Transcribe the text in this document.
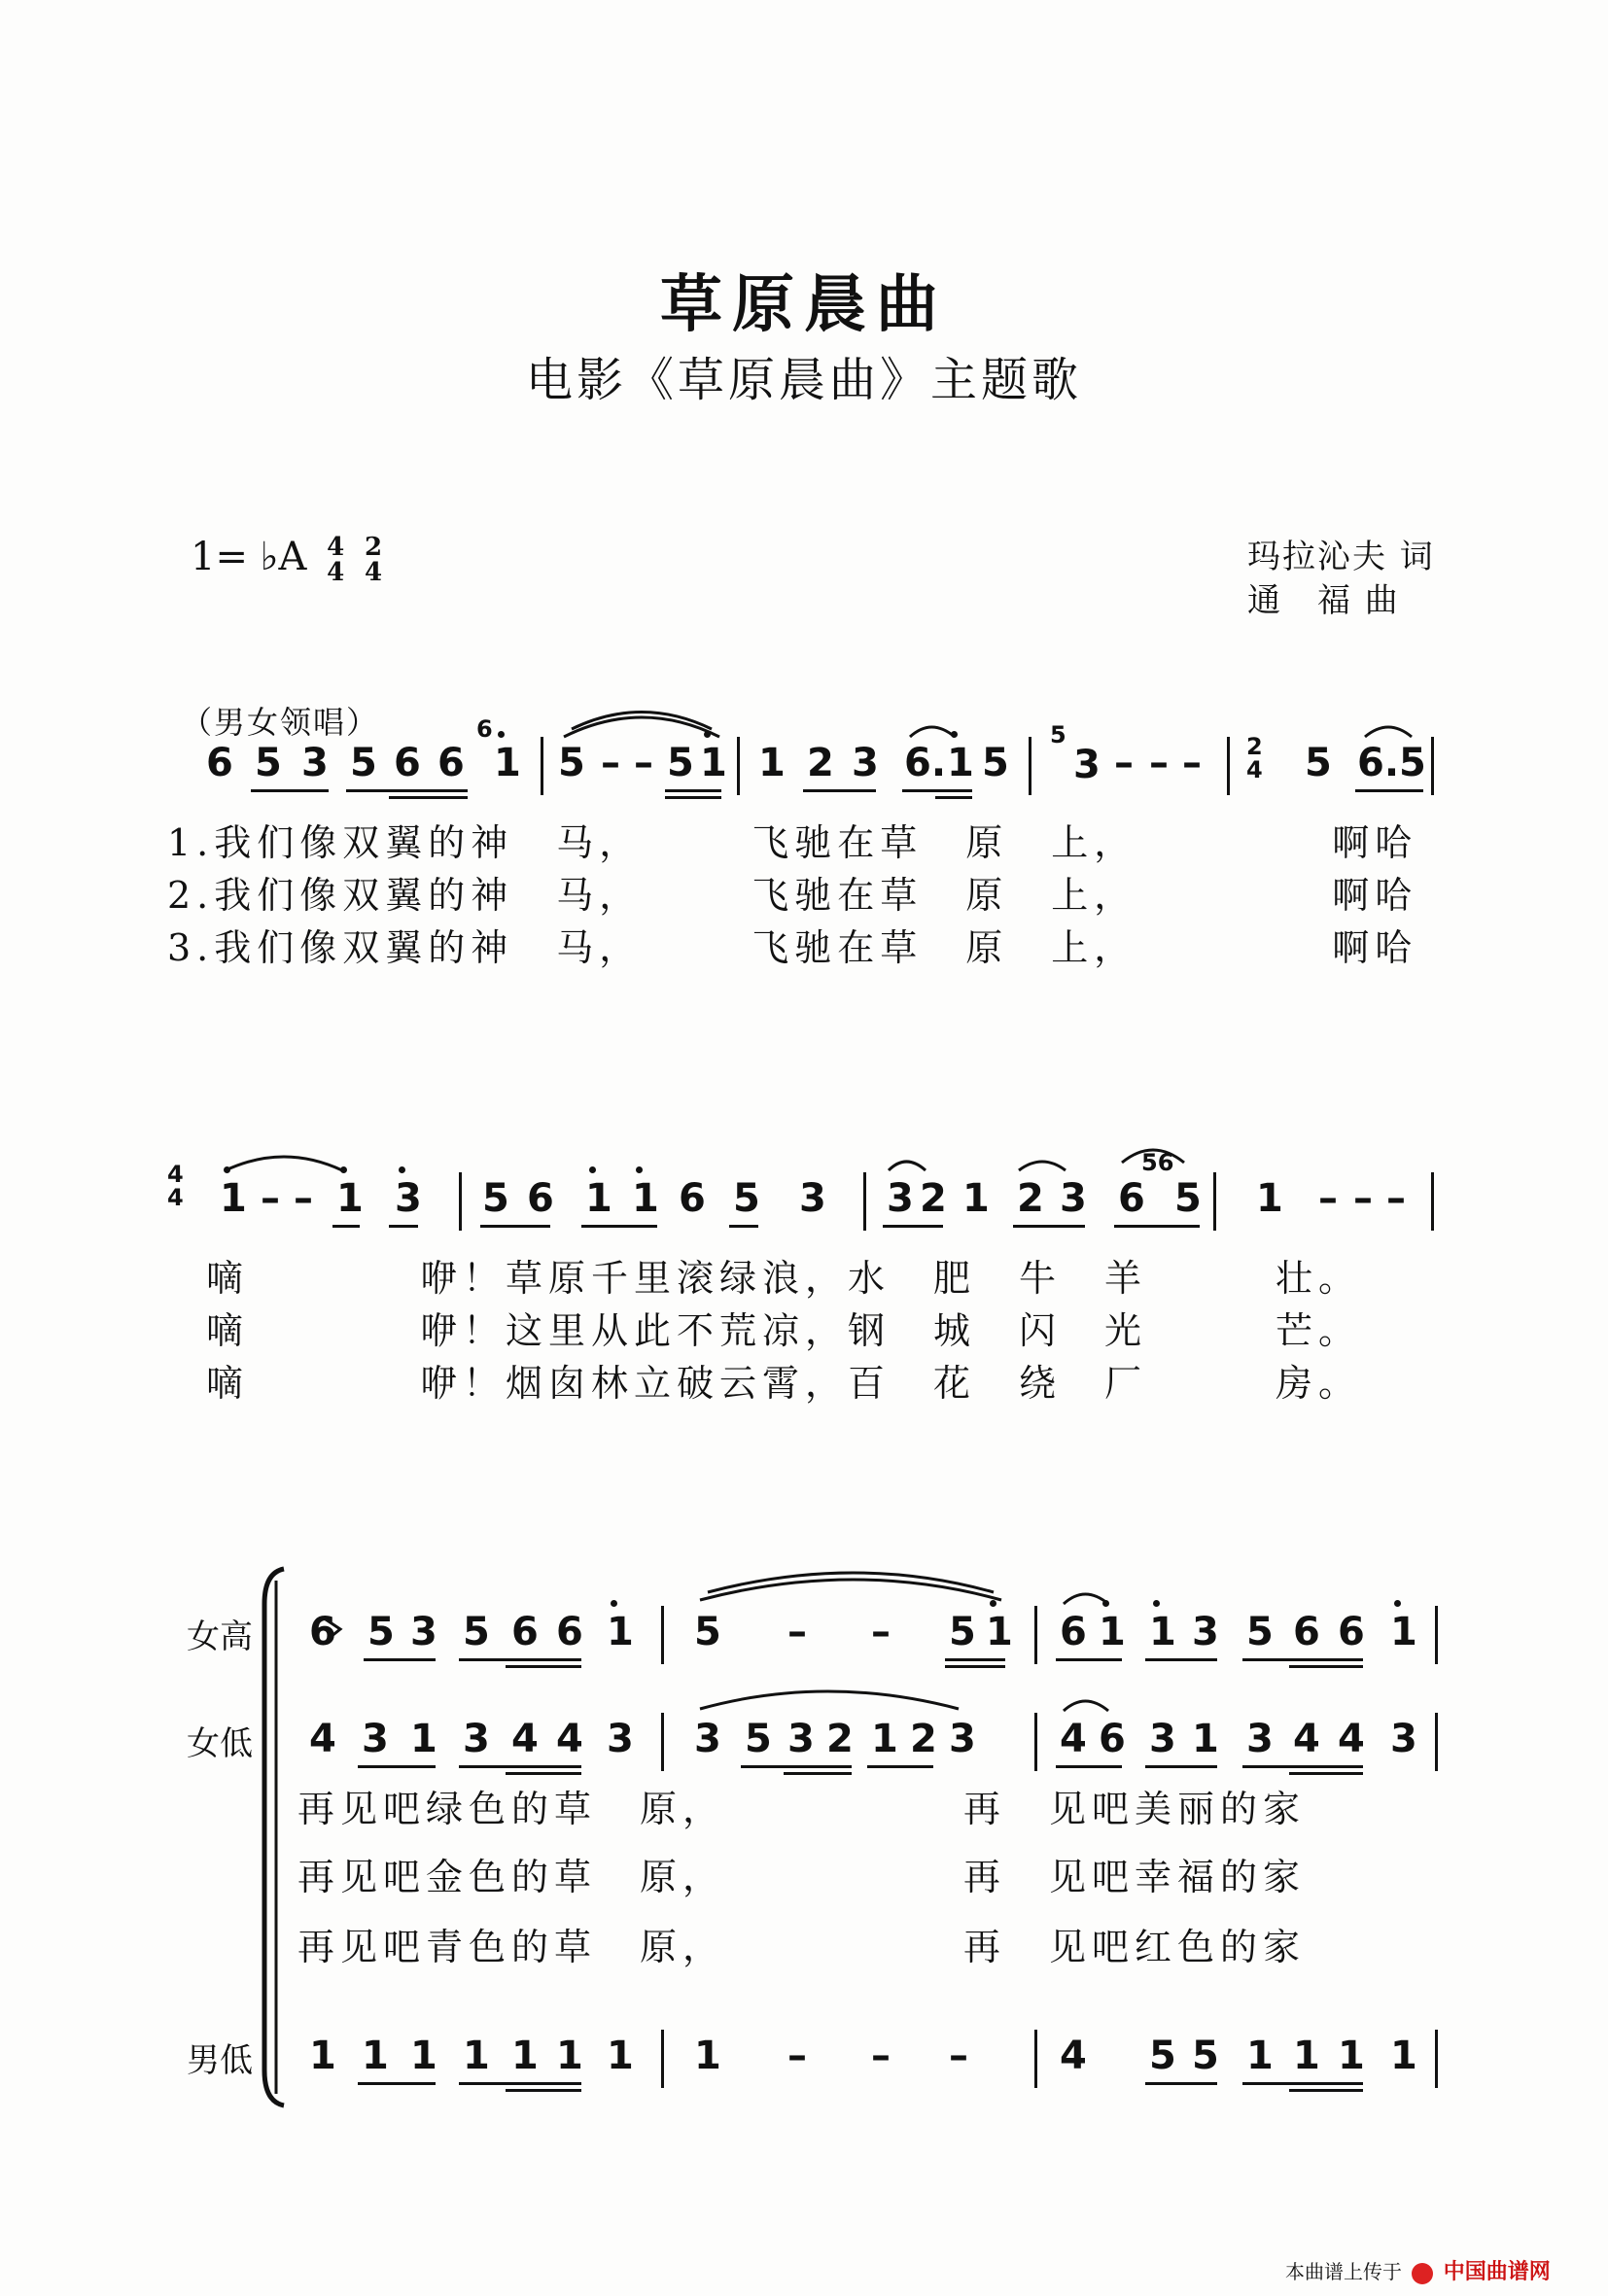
草原晨曲
电影《草原晨曲》主题歌
1= ♭A 4
4

2
4	玛拉沁夫 词
通　福 曲
（男女领唱）
6 5 3 5 6 6 1
6
5 – – 5 1 1 2 3 6. 1 5
5
3 – – – 2
4 5 6.5
1.我们像双翼的神　马，　　　飞驰在草　原　上，　　　　　啊哈
2.我们像双翼的神　马，　　　飞驰在草　原　上，　　　　　啊哈
3.我们像双翼的神　马，　　　飞驰在草　原　上，　　　　　啊哈
4
4 1 – – 1 3 5 6 1 1 6 5 3 3 2 1 2 3 6
56
5 1 – – –
嘀　　　　咿！草原千里滚绿浪，水　肥　牛　羊　　　壮。
嘀　　　　咿！这里从此不荒凉，钢　城　闪　光　　　芒。
嘀　　　　咿！烟囱林立破云霄，百　花　绕　厂　　　房。
女高
女低
男低
6 5 3 5 6 6 1 5 – – 5 1 6 1 1 3 5 6 6 1
4 3 1 3 4 4 3 3 5 3 2 1 2 3 4 6 3 1 3 4 4 3
1 1 1 1 1 1 1 1 – – – 4 5 5 1 1 1 1
再见吧绿色的草　原，　　　　　　再　见吧美丽的家
再见吧金色的草　原，　　　　　　再　见吧幸福的家
再见吧青色的草　原，　　　　　　再　见吧红色的家
本曲谱上传于 中国曲谱网
